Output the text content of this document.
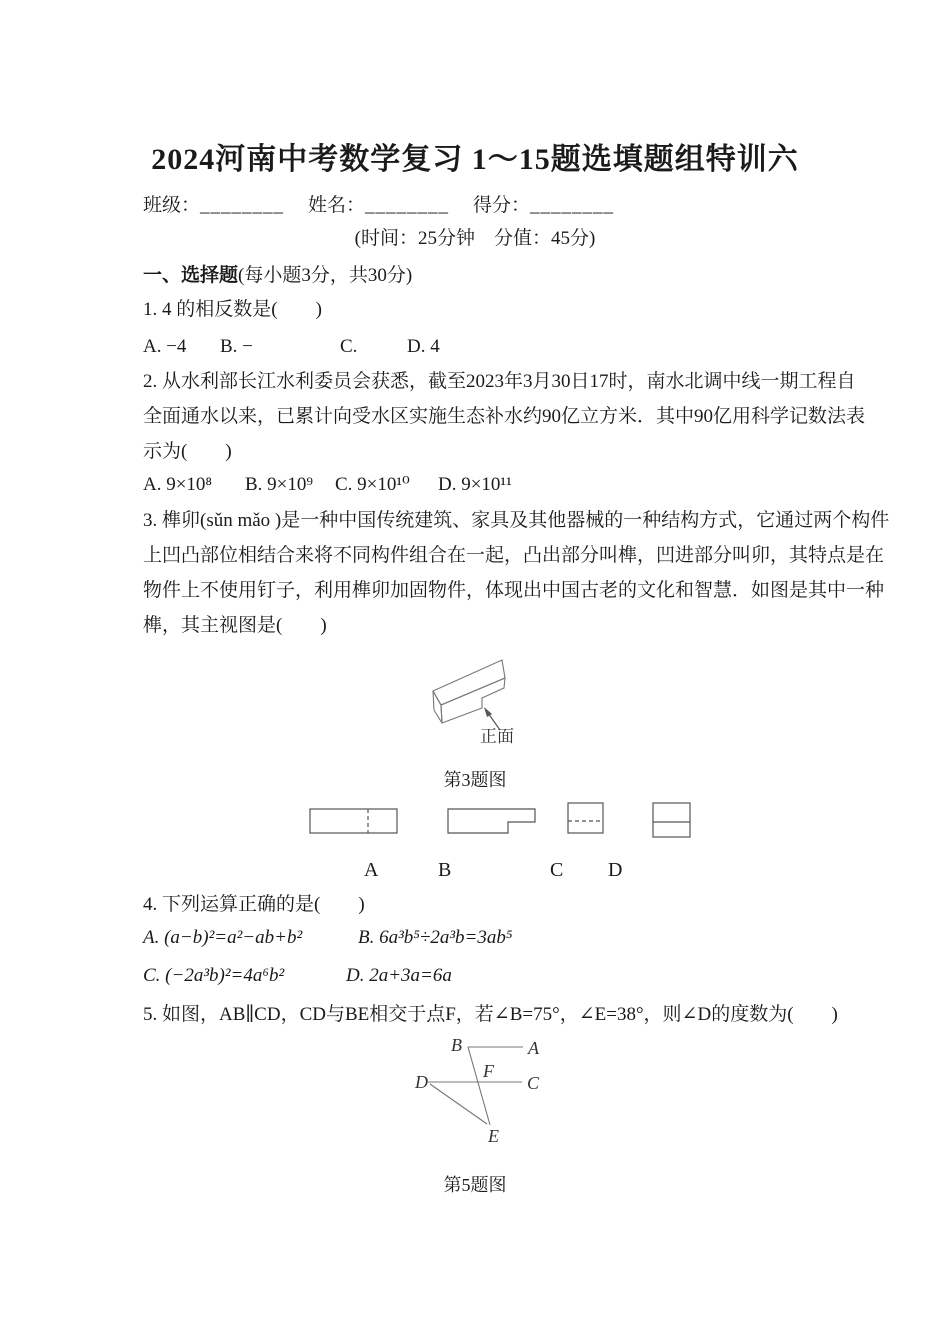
2024河南中考数学复习 1～15题选填题组特训六
班级： ________ 姓名： ________ 得分： ________
(时间：25分钟　分值：45分)
一、选择题(每小题3分，共30分)
1. 4 的相反数是(　　)
A. −4 B. −	C.	D. 4
2. 从水利部长江水利委员会获悉，截至2023年3月30日17时，南水北调中线一期工程自
全面通水以来，已累计向受水区实施生态补水约90亿立方米．其中90亿用科学记数法表
示为(　　)
A. 9×10⁸ B. 9×10⁹ C. 9×10¹⁰ D. 9×10¹¹
3. 榫卯(sǔn mǎo )是一种中国传统建筑、家具及其他器械的一种结构方式，它通过两个构件
上凹凸部位相结合来将不同构件组合在一起，凸出部分叫榫，凹进部分叫卯，其特点是在
物件上不使用钉子，利用榫卯加固物件，体现出中国古老的文化和智慧．如图是其中一种
榫，其主视图是(　　)
正面
第3题图
A	B	C D
4. 下列运算正确的是(　　)
A. (a−b)²=a²−ab+b²	B. 6a³b⁵÷2a³b=3ab⁵
C. (−2a³b)²=4a⁶b²	D. 2a+3a=6a
5. 如图，AB∥CD，CD与BE相交于点F，若∠B=75°，∠E=38°，则∠D的度数为(　　)
B	A
F
D	C
E
第5题图
